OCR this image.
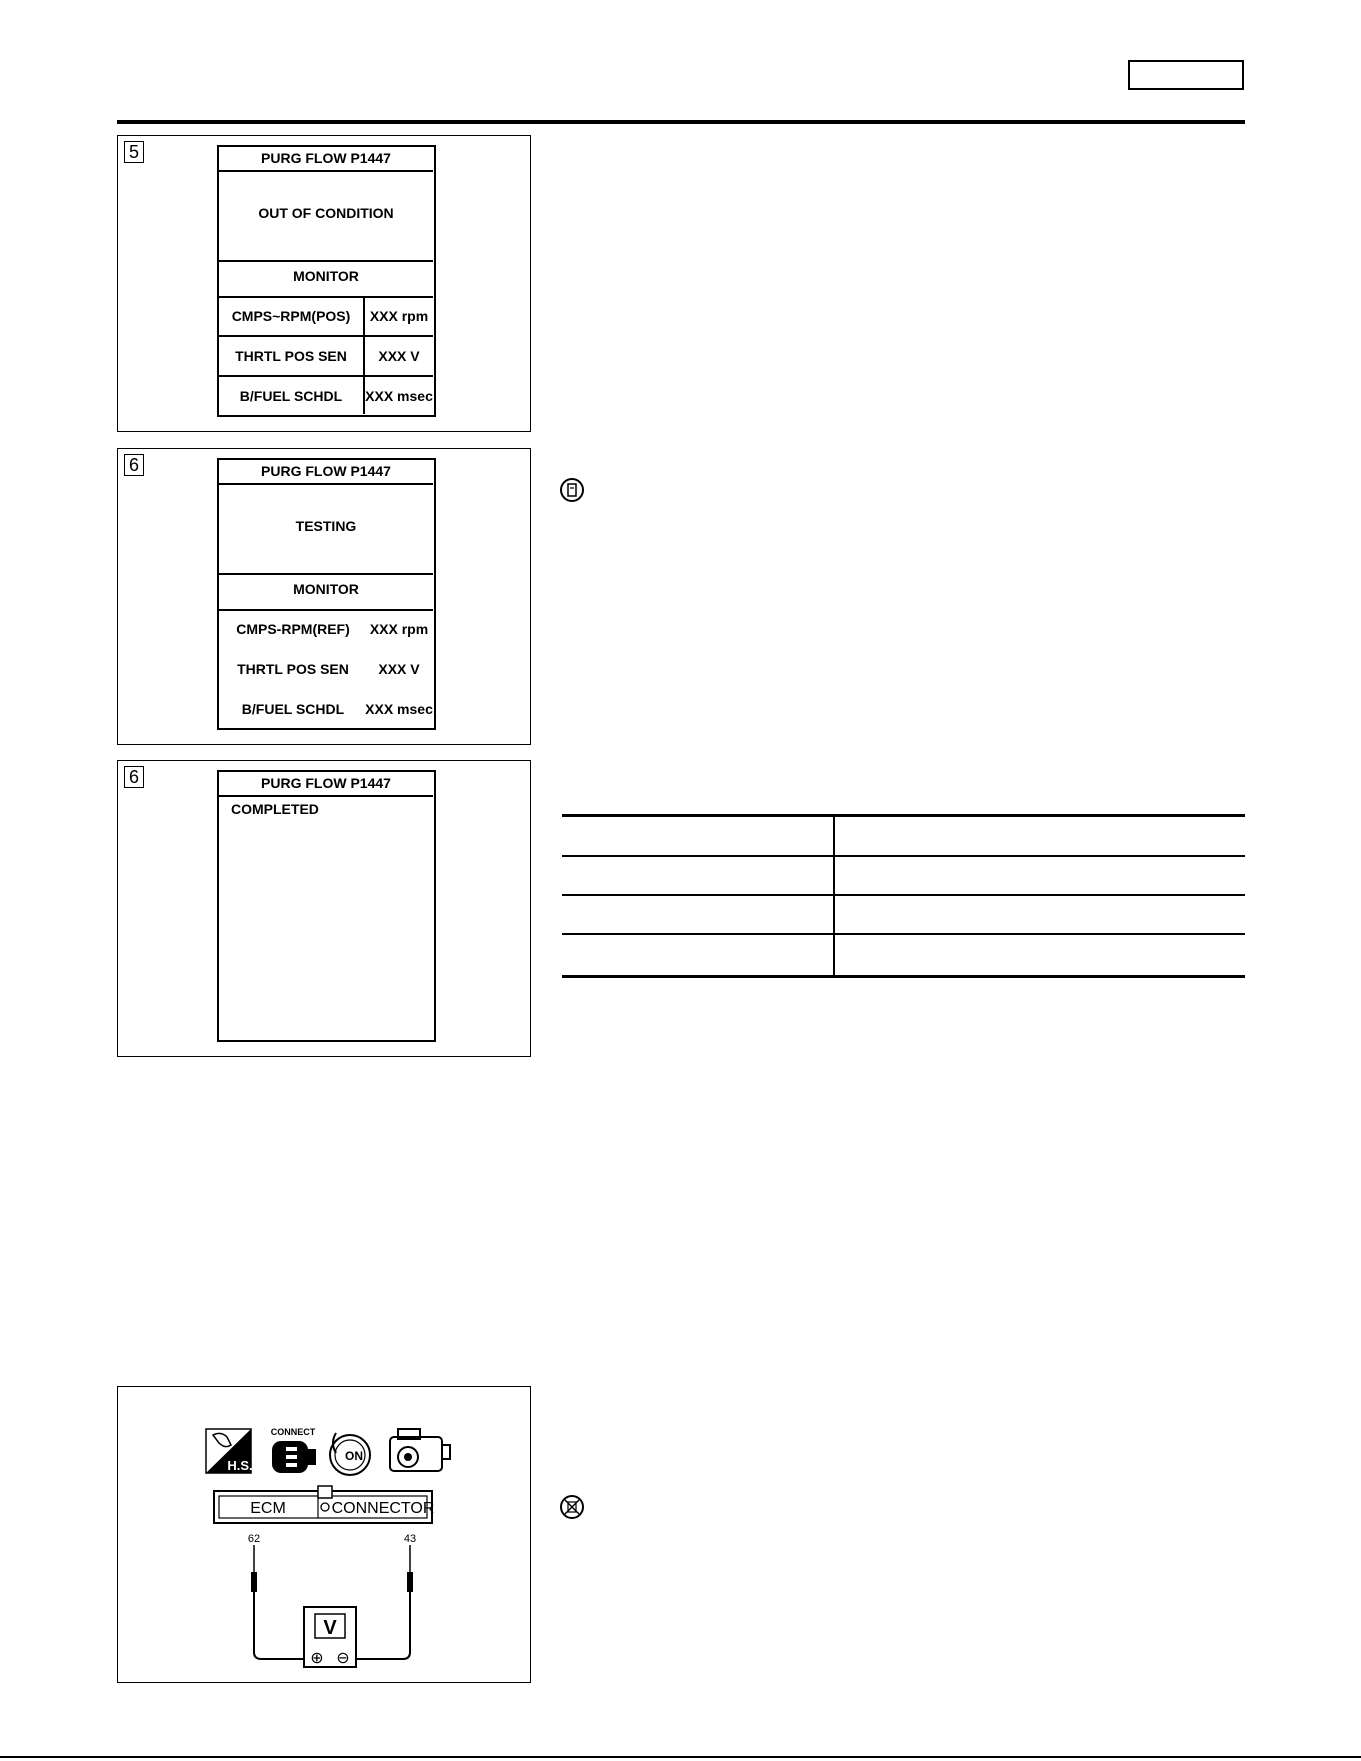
5	PURG FLOW P1447
OUT OF CONDITION
MONITOR
CMPS~RPM(POS)	XXX rpm
THRTL POS SEN	XXX V
B/FUEL SCHDL	XXX msec
6	PURG FLOW P1447
TESTING
MONITOR
CMPS-RPM(REF)	XXX rpm
THRTL POS SEN	XXX V
B/FUEL SCHDL	XXX msec
6	PURG FLOW P1447
COMPLETED
H.S.
CONNECT
ON
ECM	CONNECTOR
62	43
V
⊕ ⊖
